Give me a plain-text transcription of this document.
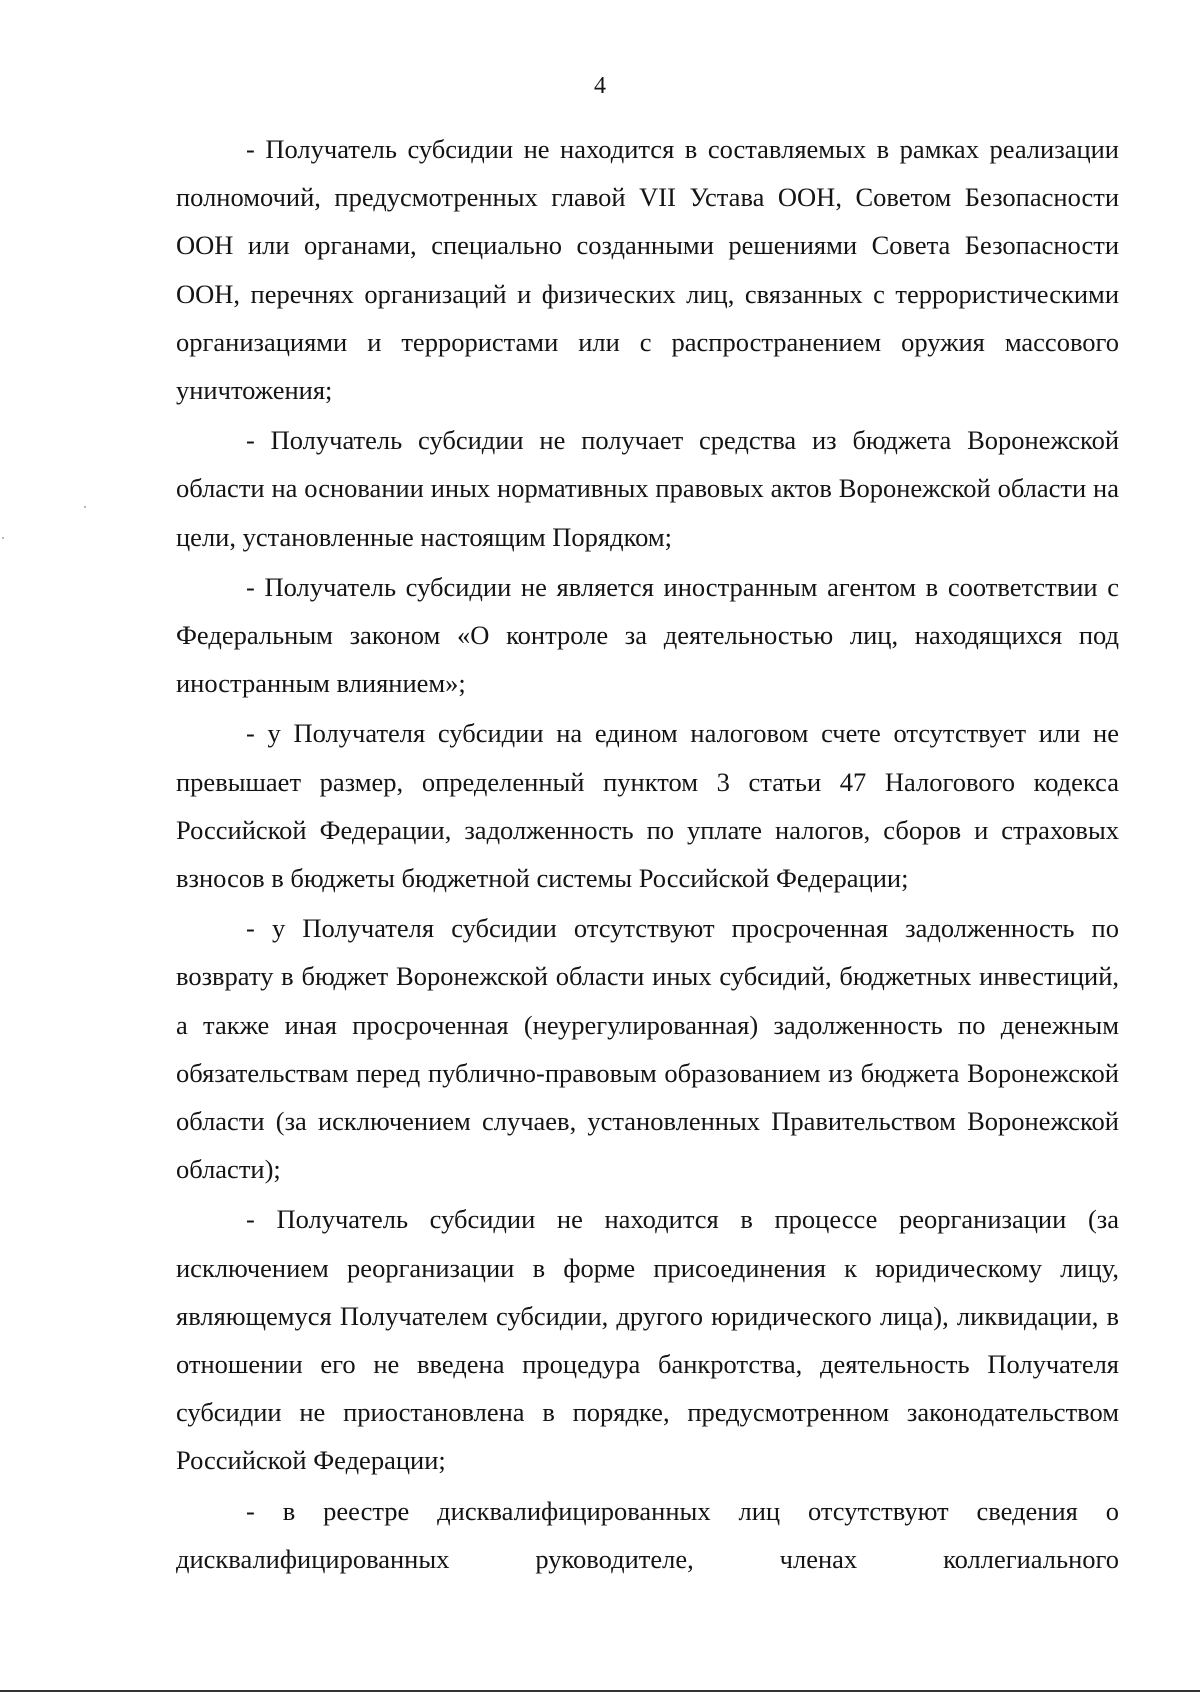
4

- Получатель субсидии не находится в составляемых в рамках реализации полномочий, предусмотренных главой VII Устава ООН, Советом Безопасности ООН или органами, специально созданными решениями Совета Безопасности ООН, перечнях организаций и физических лиц, связанных с террористическими организациями и террористами или с распространением оружия массового уничтожения;

- Получатель субсидии не получает средства из бюджета Воронежской области на основании иных нормативных правовых актов Воронежской области на цели, установленные настоящим Порядком;

- Получатель субсидии не является иностранным агентом в соответствии с Федеральным законом «О контроле за деятельностью лиц, находящихся под иностранным влиянием»;

- у Получателя субсидии на едином налоговом счете отсутствует или не превышает размер, определенный пунктом 3 статьи 47 Налогового кодекса Российской Федерации, задолженность по уплате налогов, сборов и страховых взносов в бюджеты бюджетной системы Российской Федерации;

- у Получателя субсидии отсутствуют просроченная задолженность по возврату в бюджет Воронежской области иных субсидий, бюджетных инвестиций, а также иная просроченная (неурегулированная) задолженность по денежным обязательствам перед публично-правовым образованием из бюджета Воронежской области (за исключением случаев, установленных Правительством Воронежской области);

- Получатель субсидии не находится в процессе реорганизации (за исключением реорганизации в форме присоединения к юридическому лицу, являющемуся Получателем субсидии, другого юридического лица), ликвидации, в отношении его не введена процедура банкротства, деятельность Получателя субсидии не приостановлена в порядке, предусмотренном законодательством Российской Федерации;

- в реестре дисквалифицированных лиц отсутствуют сведения о дисквалифицированных руководителе, членах коллегиального
